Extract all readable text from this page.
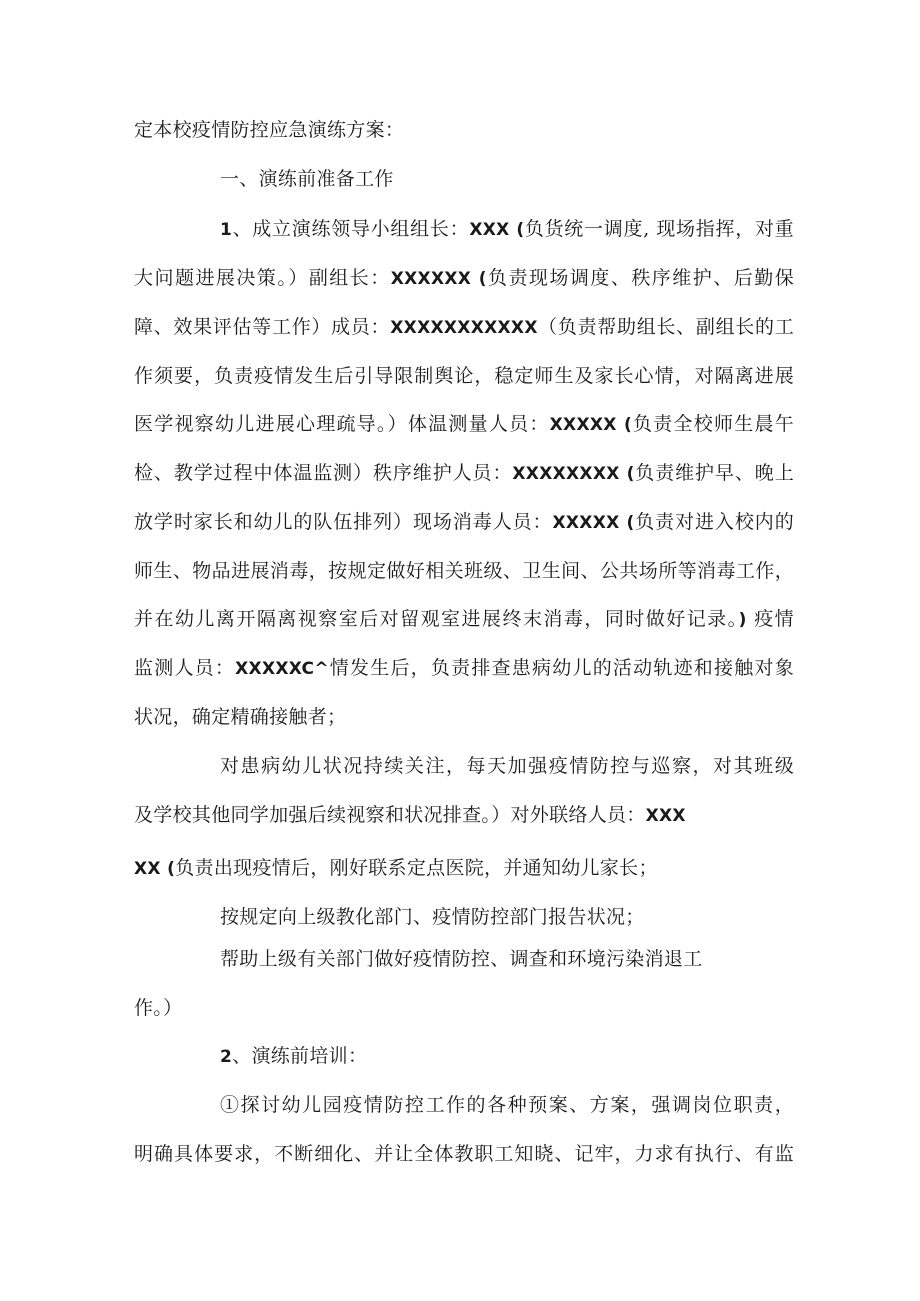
定本校疫情防控应急演练方案：
一、演练前准备工作
1、成立演练领导小组组长：XXX (负货统一调度, 现场指挥，对重
大问题进展决策。）副组长：XXXXXX (负责现场调度、秩序维护、后勤保
障、效果评估等工作）成员：XXXXXXXXXXX（负责帮助组长、副组长的工
作须要，负责疫情发生后引导限制舆论，稳定师生及家长心情，对隔离进展
医学视察幼儿进展心理疏导。）体温测量人员：XXXXX (负责全校师生晨午
检、教学过程中体温监测）秩序维护人员：XXXXXXXX (负责维护早、晚上
放学时家长和幼儿的队伍排列）现场消毒人员：XXXXX (负责对进入校内的
师生、物品进展消毒，按规定做好相关班级、卫生间、公共场所等消毒工作，
并在幼儿离开隔离视察室后对留观室进展终末消毒，同时做好记录。) 疫情
监测人员：XXXXXC^情发生后，负责排查患病幼儿的活动轨迹和接触对象
状况，确定精确接触者；
对患病幼儿状况持续关注，每天加强疫情防控与巡察，对其班级
及学校其他同学加强后续视察和状况排查。）对外联络人员：XXX
XX (负责出现疫情后，刚好联系定点医院，并通知幼儿家长；
按规定向上级教化部门、疫情防控部门报告状况；
帮助上级有关部门做好疫情防控、调查和环境污染消退工
作。）
2、演练前培训：
①探讨幼儿园疫情防控工作的各种预案、方案，强调岗位职责，
明确具体要求，不断细化、并让全体教职工知晓、记牢，力求有执行、有监
